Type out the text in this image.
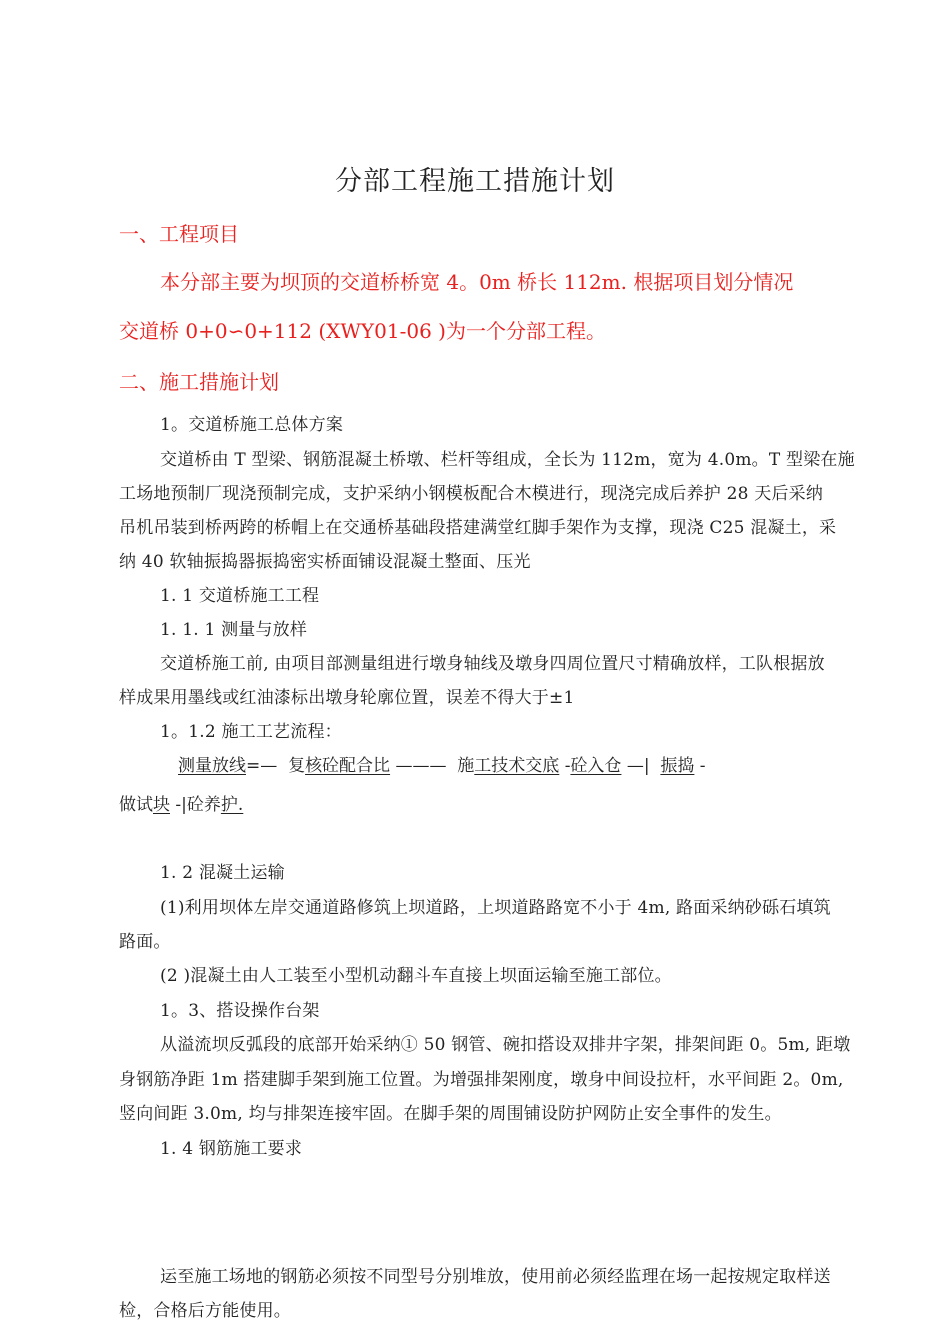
分部工程施工措施计划
一、工程项目
本分部主要为坝顶的交道桥桥宽 4。0m 桥长 112m. 根据项目划分情况
交道桥 0+0∽0+112 (XWY01-06 )为一个分部工程。
二、施工措施计划
1。交道桥施工总体方案
交道桥由 T 型梁、钢筋混凝土桥墩、栏杆等组成，全长为 112m，宽为 4.0m。T 型梁在施
工场地预制厂现浇预制完成，支护采纳小钢模板配合木模进行，现浇完成后养护 28 天后采纳
吊机吊装到桥两跨的桥帽上在交通桥基础段搭建满堂红脚手架作为支撑，现浇 C25 混凝土，采
纳 40 软轴振捣器振捣密实桥面铺设混凝土整面、压光
1. 1 交道桥施工工程
1. 1. 1 测量与放样
交道桥施工前, 由项目部测量组进行墩身轴线及墩身四周位置尺寸精确放样，工队根据放
样成果用墨线或红油漆标出墩身轮廓位置，误差不得大于±1
1。1.2 施工工艺流程：
测量放线=— 复核砼配合比 ——— 施工技术交底 -砼入仓 —| 振捣 -
做试块 -|砼养护.
1. 2 混凝土运输
(1)利用坝体左岸交通道路修筑上坝道路，上坝道路路宽不小于 4m, 路面采纳砂砾石填筑
路面。
(2 )混凝土由人工装至小型机动翻斗车直接上坝面运输至施工部位。
1。3、搭设操作台架
从溢流坝反弧段的底部开始采纳① 50 钢管、碗扣搭设双排井字架，排架间距 0。5m, 距墩
身钢筋净距 1m 搭建脚手架到施工位置。为增强排架刚度，墩身中间设拉杆，水平间距 2。0m,
竖向间距 3.0m, 均与排架连接牢固。在脚手架的周围铺设防护网防止安全事件的发生。
1. 4 钢筋施工要求
运至施工场地的钢筋必须按不同型号分别堆放，使用前必须经监理在场一起按规定取样送
检，合格后方能使用。
